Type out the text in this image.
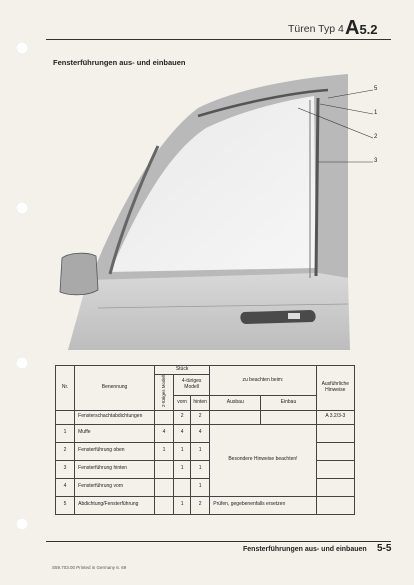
Türen Typ 4 A5.2
Fensterführungen aus- und einbauen
5
1
2
3
Nr.	Benennung	Stück			zu beachten beim:		Ausführliche Hinweise
		2-türiges Modell	4-türiges Modell				
			vorn	hinten	Ausbau	Einbau	
	Fensterschachtabdichtungen		2	2			A 3.2/3-3
1	Muffe	4	4	4	Besondere Hinweise beachten!		
2	Fensterführung oben	1	1	1			
3	Fensterführung hinten		1	1			
4	Fensterführung vorn			1			
5	Abdichtung/Fensterführung		1	2	Prüfen, gegebenenfalls ersetzen		
Fensterführungen aus- und einbauen 5-5
S59.703.00 Printed in Germany 6. 69
